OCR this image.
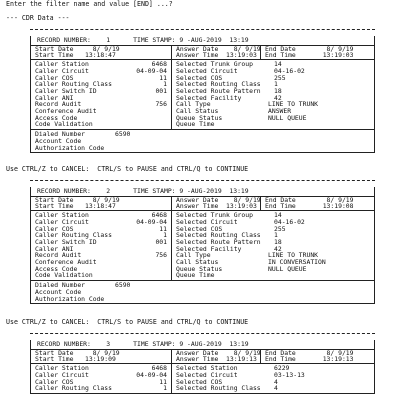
Enter the filter name and value [END] ...?
--- CDR Data ---
RECORD NUMBER:    1      TIME STAMP: 9 -AUG-2019  13:19
Start Date     8/ 9/19
Start Time   13:18:47
Answer Date    8/ 9/19
Answer Time  13:19:03
End Date        8/ 9/19
End Time       13:19:03
Caller Station	6468
Caller Circuit	04-09-04
Caller COS	11
Caller Routing Class	1
Caller Switch ID	001
Caller ANI
Record Audit	756
Conference Audit
Access Code
Code Validation
Selected Trunk Group	14
Selected Circuit	04-16-02
Selected COS	255
Selected Routing Class	1
Selected Route Pattern	18
Selected Facility	42
Call Type	LINE TO TRUNK
Call Status	ANSWER
Queue Status	NULL QUEUE
Queue Time
Dialed Number	6590
Account Code
Authorization Code
RECORD NUMBER:    2      TIME STAMP: 9 -AUG-2019  13:19
Start Date     8/ 9/19
Start Time   13:18:47
Answer Date    8/ 9/19
Answer Time  13:19:03
End Date        8/ 9/19
End Time       13:19:08
Caller Station	6468
Caller Circuit	04-09-04
Caller COS	11
Caller Routing Class	1
Caller Switch ID	001
Caller ANI
Record Audit	756
Conference Audit
Access Code
Code Validation
Selected Trunk Group	14
Selected Circuit	04-16-02
Selected COS	255
Selected Routing Class	1
Selected Route Pattern	18
Selected Facility	42
Call Type	LINE TO TRUNK
Call Status	IN CONVERSATION
Queue Status	NULL QUEUE
Queue Time
Dialed Number	6590
Account Code
Authorization Code
RECORD NUMBER:    3      TIME STAMP: 9 -AUG-2019  13:19
Start Date     8/ 9/19
Start Time   13:19:09
Answer Date    8/ 9/19
Answer Time  13:19:13
End Date        8/ 9/19
End Time       13:19:13
Caller Station	6468
Caller Circuit	04-09-04
Caller COS	11
Caller Routing Class	1
Selected Station	6229
Selected Circuit	03-13-13
Selected COS	4
Selected Routing Class	4
Use CTRL/Z to CANCEL:  CTRL/S to PAUSE and CTRL/Q to CONTINUE
Use CTRL/Z to CANCEL:  CTRL/S to PAUSE and CTRL/Q to CONTINUE
